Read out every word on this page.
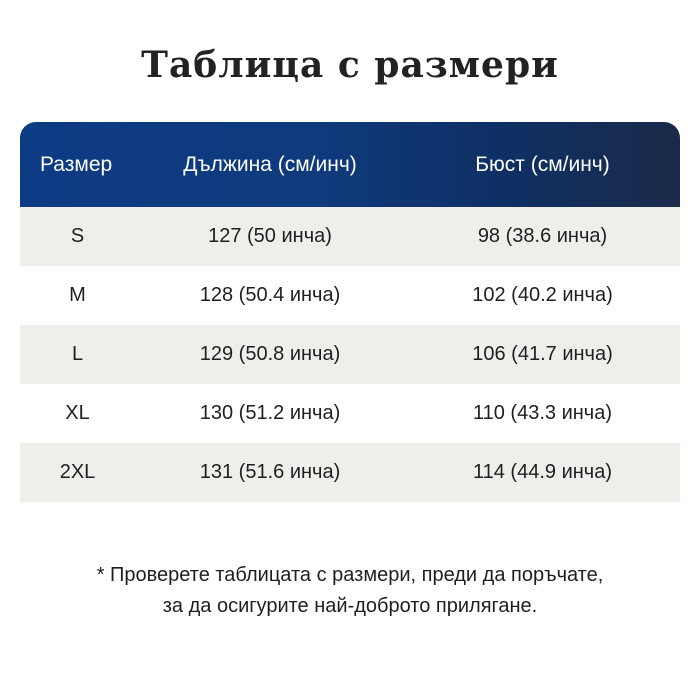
Таблица с размери
Размер	Дължина (см/инч)	Бюст (см/инч)
S	127 (50 инча)	98 (38.6 инча)
M	128 (50.4 инча)	102 (40.2 инча)
L	129 (50.8 инча)	106 (41.7 инча)
XL	130 (51.2 инча)	110 (43.3 инча)
2XL	131 (51.6 инча)	114 (44.9 инча)
* Проверете таблицата с размери, преди да поръчате,
за да осигурите най-доброто прилягане.
